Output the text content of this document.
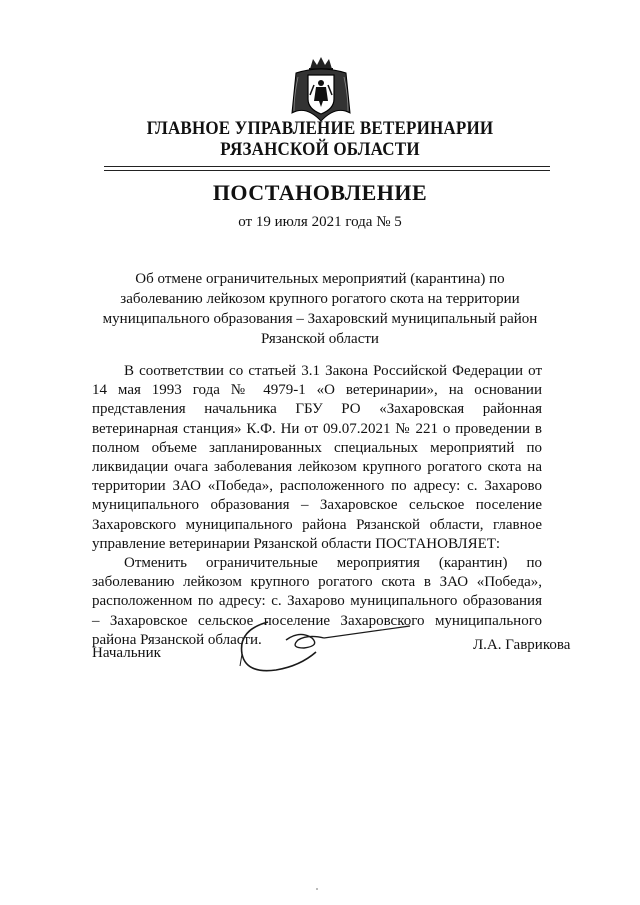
ГЛАВНОЕ УПРАВЛЕНИЕ ВЕТЕРИНАРИИ
РЯЗАНСКОЙ ОБЛАСТИ
ПОСТАНОВЛЕНИЕ
от 19 июля 2021 года № 5
Об отмене ограничительных мероприятий (карантина) по заболеванию лейкозом крупного рогатого скота на территории муниципального образования – Захаровский муниципальный район Рязанской области

В соответствии со статьей 3.1 Закона Российской Федерации от 14 мая 1993 года № 4979-1 «О ветеринарии», на основании представления начальника ГБУ РО «Захаровская районная ветеринарная станция» К.Ф. Ни от 09.07.2021 № 221 о проведении в полном объеме запланированных специальных мероприятий по ликвидации очага заболевания лейкозом крупного рогатого скота на территории ЗАО «Победа», расположенного по адресу: с. Захарово муниципального образования – Захаровское сельское поселение Захаровского муниципального района Рязанской области, главное управление ветеринарии Рязанской области ПОСТАНОВЛЯЕТ:

Отменить ограничительные мероприятия (карантин) по заболеванию лейкозом крупного рогатого скота в ЗАО «Победа», расположенном по адресу: с. Захарово муниципального образования – Захаровское сельское поселение Захаровского муниципального района Рязанской области.

Начальник	Л.А. Гаврикова
